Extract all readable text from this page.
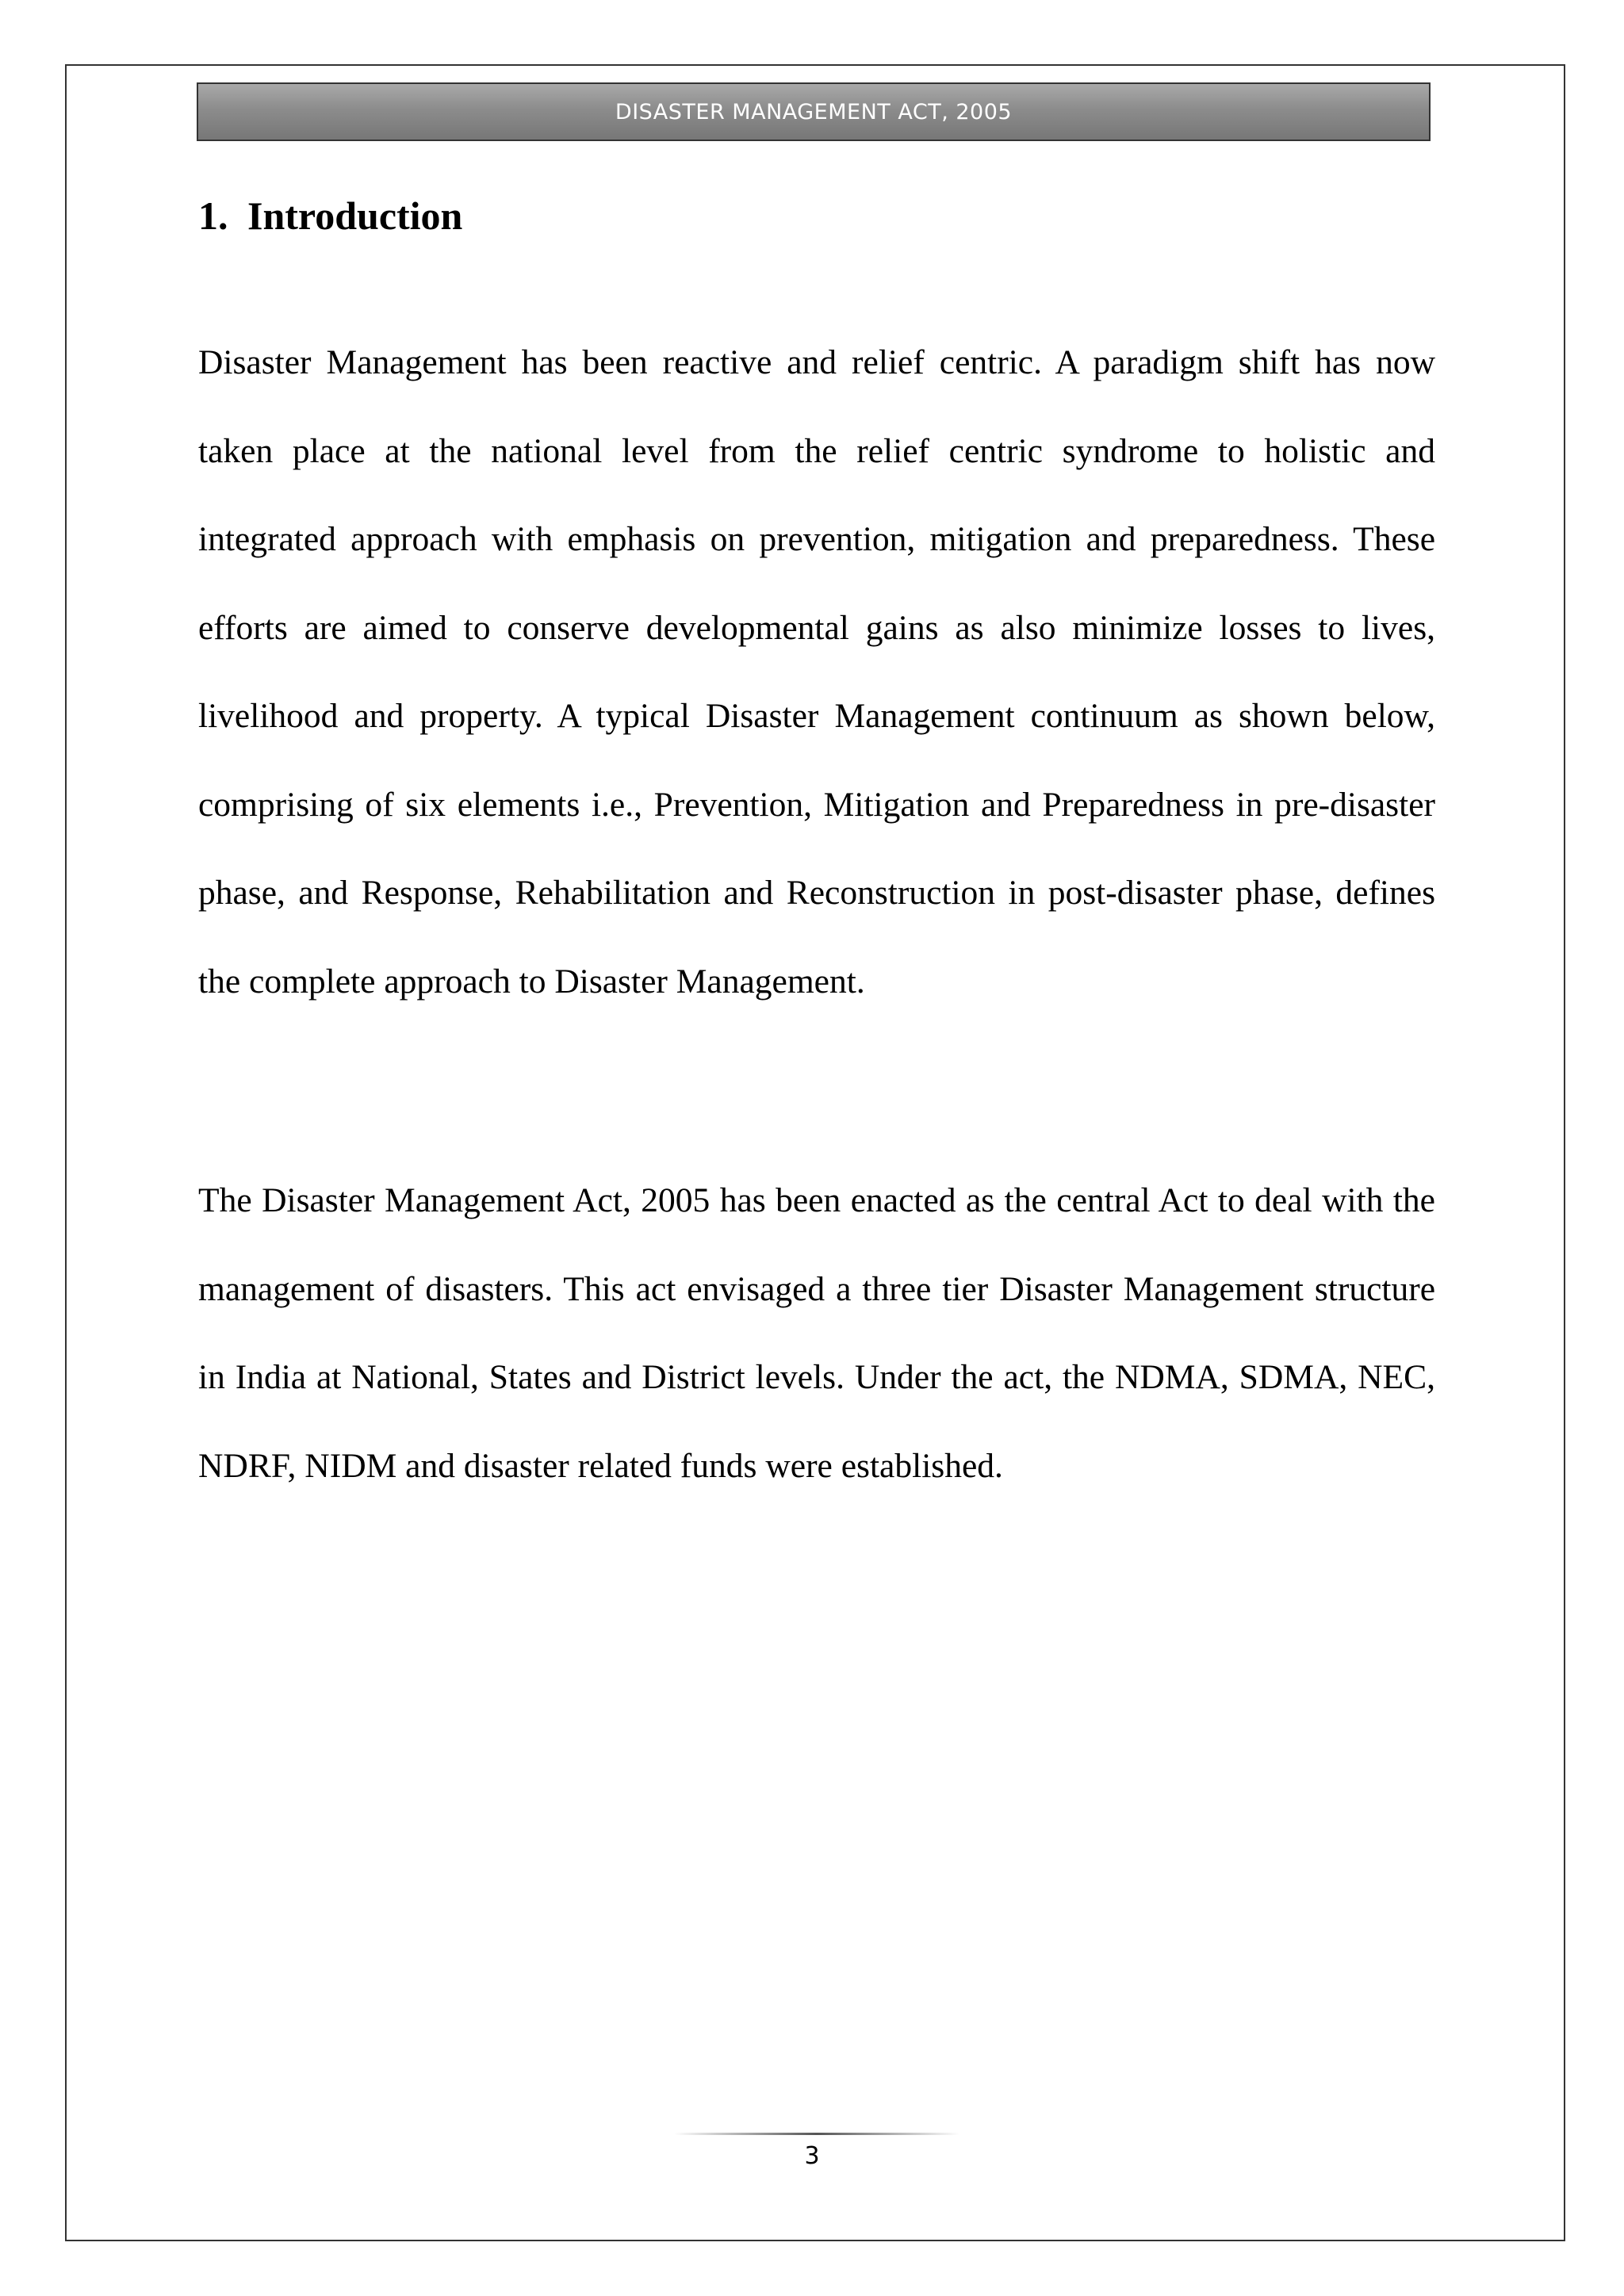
DISASTER MANAGEMENT ACT, 2005
1. Introduction

Disaster Management has been reactive and relief centric. A paradigm shift has now taken place at the national level from the relief centric syndrome to holistic and integrated approach with emphasis on prevention, mitigation and preparedness. These efforts are aimed to conserve developmental gains as also minimize losses to lives, livelihood and property. A typical Disaster Management continuum as shown below, comprising of six elements i.e., Prevention, Mitigation and Preparedness in pre-disaster phase, and Response, Rehabilitation and Reconstruction in post-disaster phase, defines the complete approach to Disaster Management.

The Disaster Management Act, 2005 has been enacted as the central Act to deal with the management of disasters. This act envisaged a three tier Disaster Management structure in India at National, States and District levels. Under the act, the NDMA, SDMA, NEC, NDRF, NIDM and disaster related funds were established.

3
